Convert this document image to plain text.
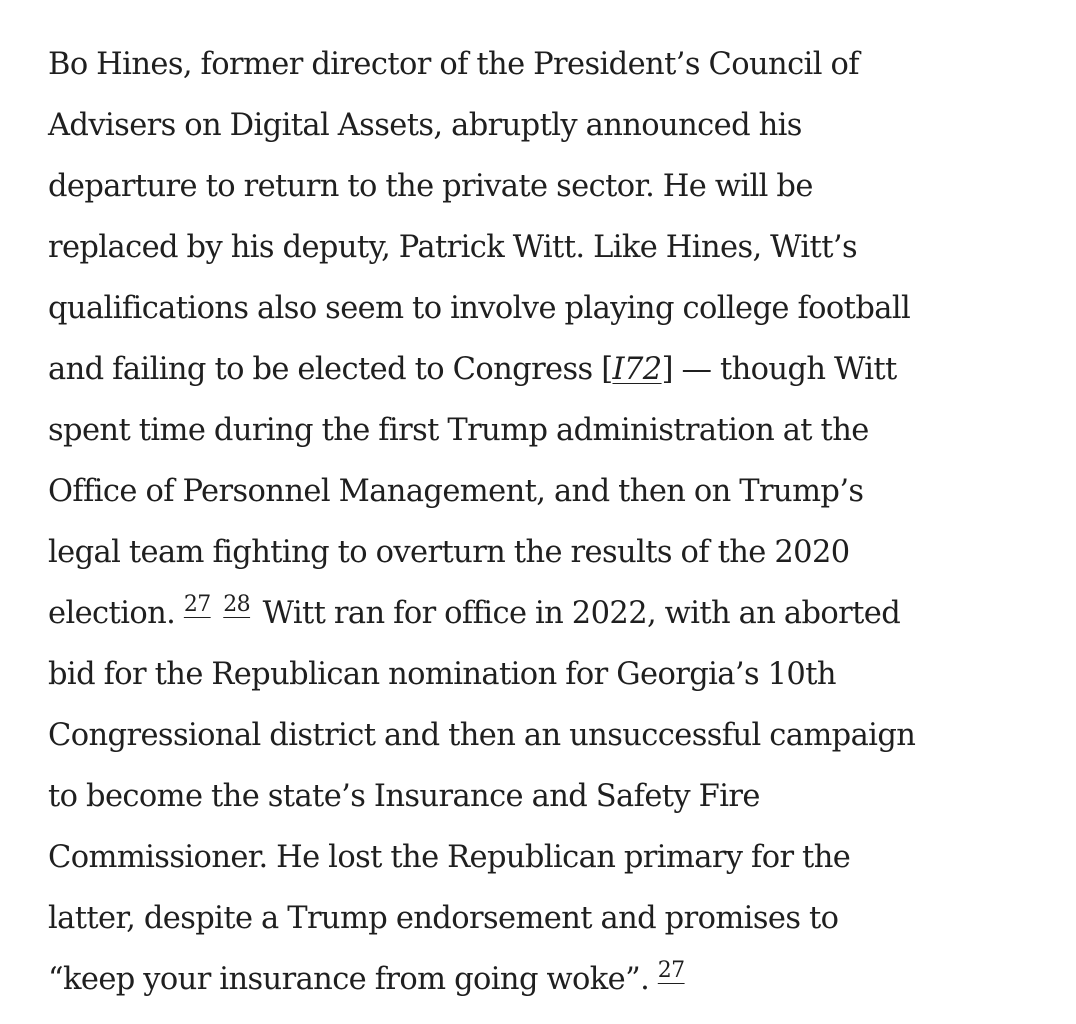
Bo Hines, former director of the President’s Council of
Advisers on Digital Assets, abruptly announced his
departure to return to the private sector. He will be
replaced by his deputy, Patrick Witt. Like Hines, Witt’s
qualifications also seem to involve playing college football
and failing to be elected to Congress [I72] — though Witt
spent time during the first Trump administration at the
Office of Personnel Management, and then on Trump’s
legal team fighting to overturn the results of the 2020
election. $^{27}$ $^{28}$ Witt ran for office in 2022, with an aborted
bid for the Republican nomination for Georgia’s 10th
Congressional district and then an unsuccessful campaign
to become the state’s Insurance and Safety Fire
Commissioner. He lost the Republican primary for the
latter, despite a Trump endorsement and promises to
“keep your insurance from going woke”. $^{27}$
